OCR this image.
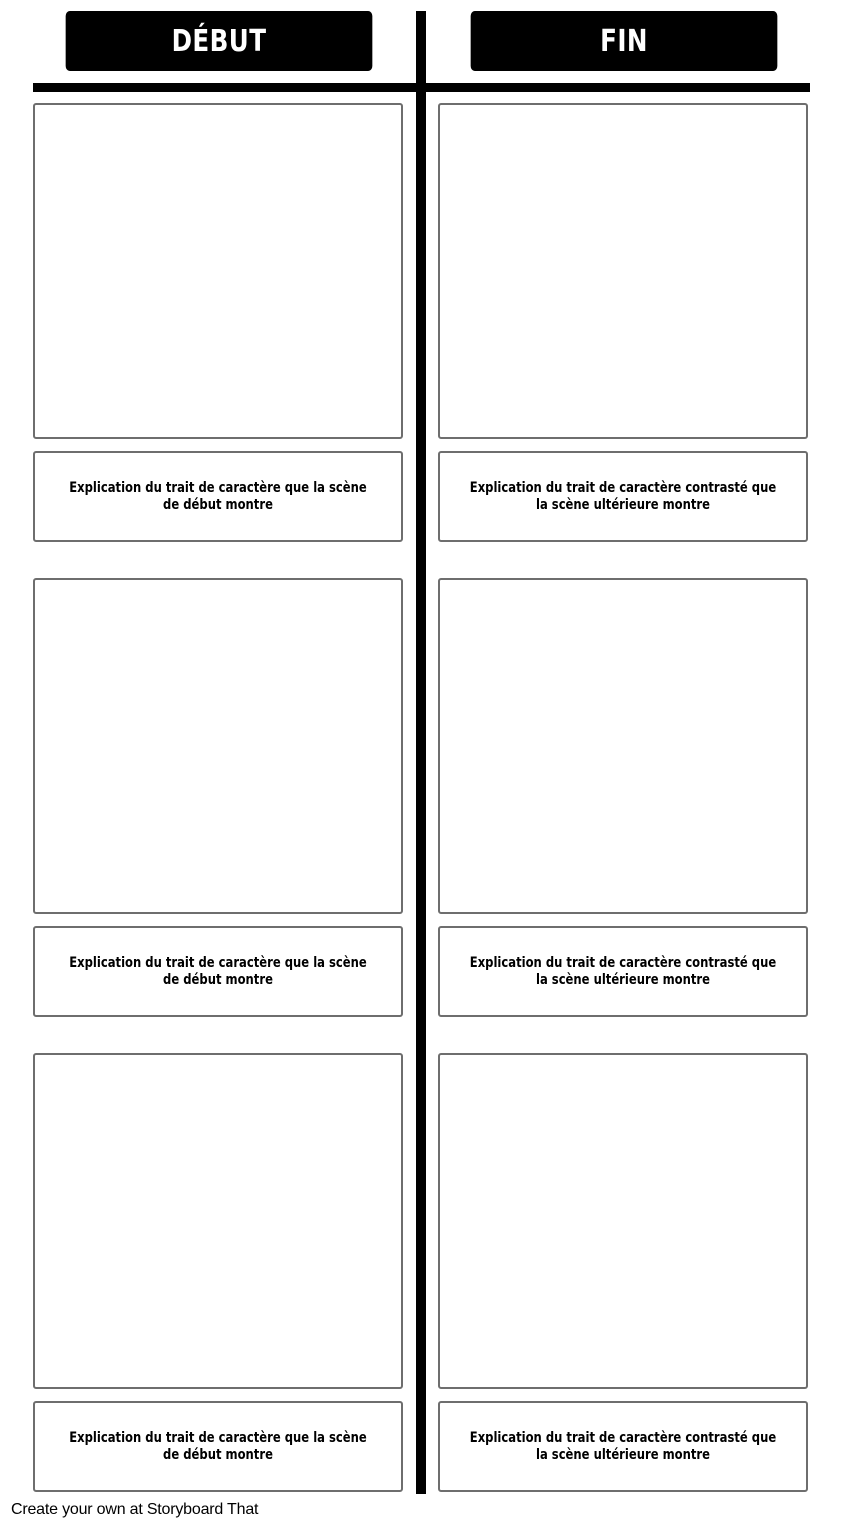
DÉBUT	FIN
Explication du trait de caractère que la scène de début montre
Explication du trait de caractère contrasté que la scène ultérieure montre
Explication du trait de caractère que la scène de début montre
Explication du trait de caractère contrasté que la scène ultérieure montre
Explication du trait de caractère que la scène de début montre
Explication du trait de caractère contrasté que la scène ultérieure montre
Create your own at Storyboard That
